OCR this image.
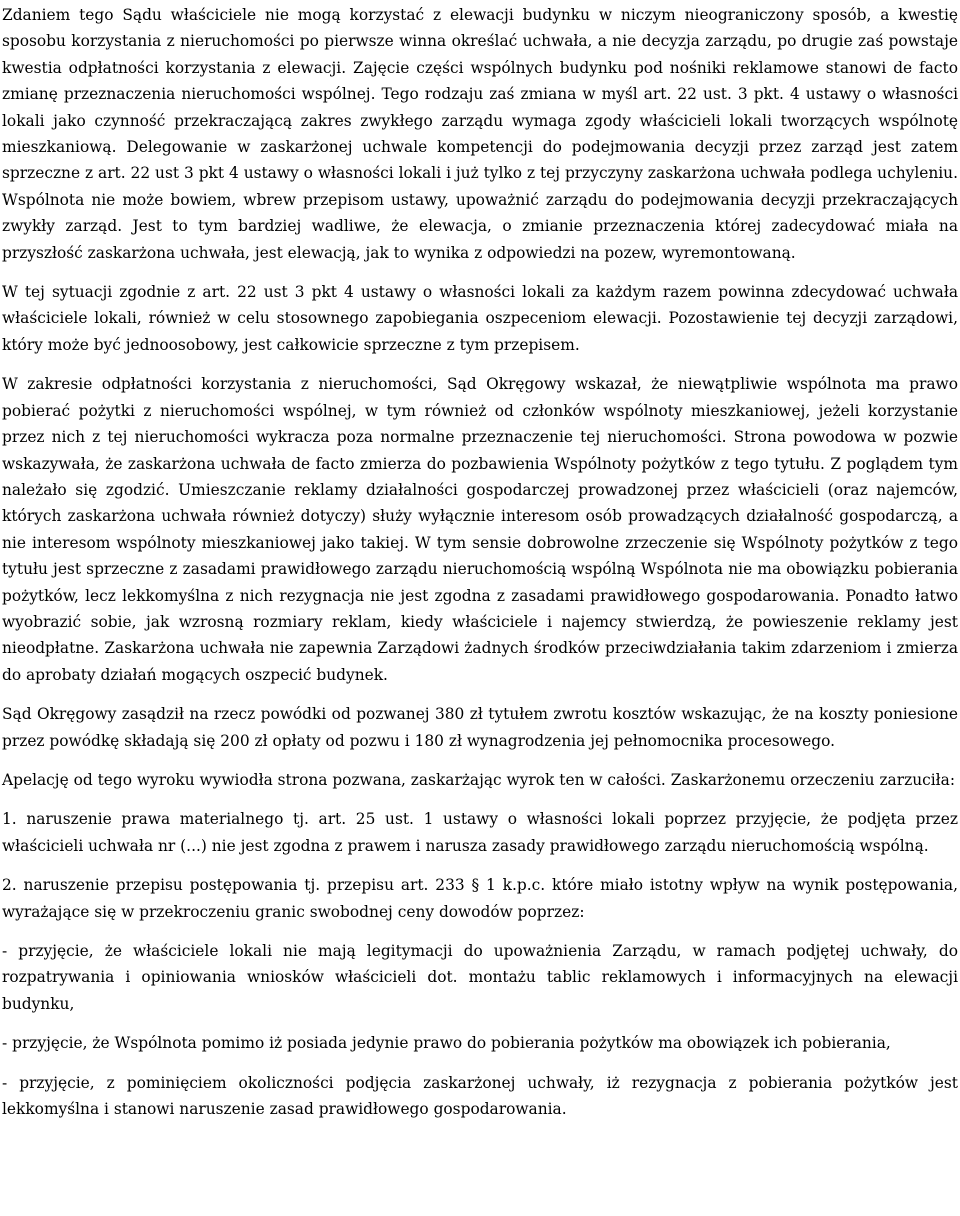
Zdaniem tego Sądu właściciele nie mogą korzystać z elewacji budynku w niczym nieograniczony sposób, a kwestię sposobu korzystania z nieruchomości po pierwsze winna określać uchwała, a nie decyzja zarządu, po drugie zaś powstaje kwestia odpłatności korzystania z elewacji. Zajęcie części wspólnych budynku pod nośniki reklamowe stanowi de facto zmianę przeznaczenia nieruchomości wspólnej. Tego rodzaju zaś zmiana w myśl art. 22 ust. 3 pkt. 4 ustawy o własności lokali jako czynność przekraczającą zakres zwykłego zarządu wymaga zgody właścicieli lokali tworzących wspólnotę mieszkaniową. Delegowanie w zaskarżonej uchwale kompetencji do podejmowania decyzji przez zarząd jest zatem sprzeczne z art. 22 ust 3 pkt 4 ustawy o własności lokali i już tylko z tej przyczyny zaskarżona uchwała podlega uchyleniu. Wspólnota nie może bowiem, wbrew przepisom ustawy, upoważnić zarządu do podejmowania decyzji przekraczających zwykły zarząd. Jest to tym bardziej wadliwe, że elewacja, o zmianie przeznaczenia której zadecydować miała na przyszłość zaskarżona uchwała, jest elewacją, jak to wynika z odpowiedzi na pozew, wyremontowaną.

W tej sytuacji zgodnie z art. 22 ust 3 pkt 4 ustawy o własności lokali za każdym razem powinna zdecydować uchwała właściciele lokali, również w celu stosownego zapobiegania oszpeceniom elewacji. Pozostawienie tej decyzji zarządowi, który może być jednoosobowy, jest całkowicie sprzeczne z tym przepisem.

W zakresie odpłatności korzystania z nieruchomości, Sąd Okręgowy wskazał, że niewątpliwie wspólnota ma prawo pobierać pożytki z nieruchomości wspólnej, w tym również od członków wspólnoty mieszkaniowej, jeżeli korzystanie przez nich z tej nieruchomości wykracza poza normalne przeznaczenie tej nieruchomości. Strona powodowa w pozwie wskazywała, że zaskarżona uchwała de facto zmierza do pozbawienia Wspólnoty pożytków z tego tytułu. Z poglądem tym należało się zgodzić. Umieszczanie reklamy działalności gospodarczej prowadzonej przez właścicieli (oraz najemców, których zaskarżona uchwała również dotyczy) służy wyłącznie interesom osób prowadzących działalność gospodarczą, a nie interesom wspólnoty mieszkaniowej jako takiej. W tym sensie dobrowolne zrzeczenie się Wspólnoty pożytków z tego tytułu jest sprzeczne z zasadami prawidłowego zarządu nieruchomością wspólną Wspólnota nie ma obowiązku pobierania pożytków, lecz lekkomyślna z nich rezygnacja nie jest zgodna z zasadami prawidłowego gospodarowania. Ponadto łatwo wyobrazić sobie, jak wzrosną rozmiary reklam, kiedy właściciele i najemcy stwierdzą, że powieszenie reklamy jest nieodpłatne. Zaskarżona uchwała nie zapewnia Zarządowi żadnych środków przeciwdziałania takim zdarzeniom i zmierza do aprobaty działań mogących oszpecić budynek.

Sąd Okręgowy zasądził na rzecz powódki od pozwanej 380 zł tytułem zwrotu kosztów wskazując, że na koszty poniesione przez powódkę składają się 200 zł opłaty od pozwu i 180 zł wynagrodzenia jej pełnomocnika procesowego.

Apelację od tego wyroku wywiodła strona pozwana, zaskarżając wyrok ten w całości. Zaskarżonemu orzeczeniu zarzuciła:

1. naruszenie prawa materialnego tj. art. 25 ust. 1 ustawy o własności lokali poprzez przyjęcie, że podjęta przez właścicieli uchwała nr (...) nie jest zgodna z prawem i narusza zasady prawidłowego zarządu nieruchomością wspólną.

2. naruszenie przepisu postępowania tj. przepisu art. 233 § 1 k.p.c. które miało istotny wpływ na wynik postępowania, wyrażające się w przekroczeniu granic swobodnej ceny dowodów poprzez:

- przyjęcie, że właściciele lokali nie mają legitymacji do upoważnienia Zarządu, w ramach podjętej uchwały, do rozpatrywania i opiniowania wniosków właścicieli dot. montażu tablic reklamowych i informacyjnych na elewacji budynku,

- przyjęcie, że Wspólnota pomimo iż posiada jedynie prawo do pobierania pożytków ma obowiązek ich pobierania,

- przyjęcie, z pominięciem okoliczności podjęcia zaskarżonej uchwały, iż rezygnacja z pobierania pożytków jest lekkomyślna i stanowi naruszenie zasad prawidłowego gospodarowania.
